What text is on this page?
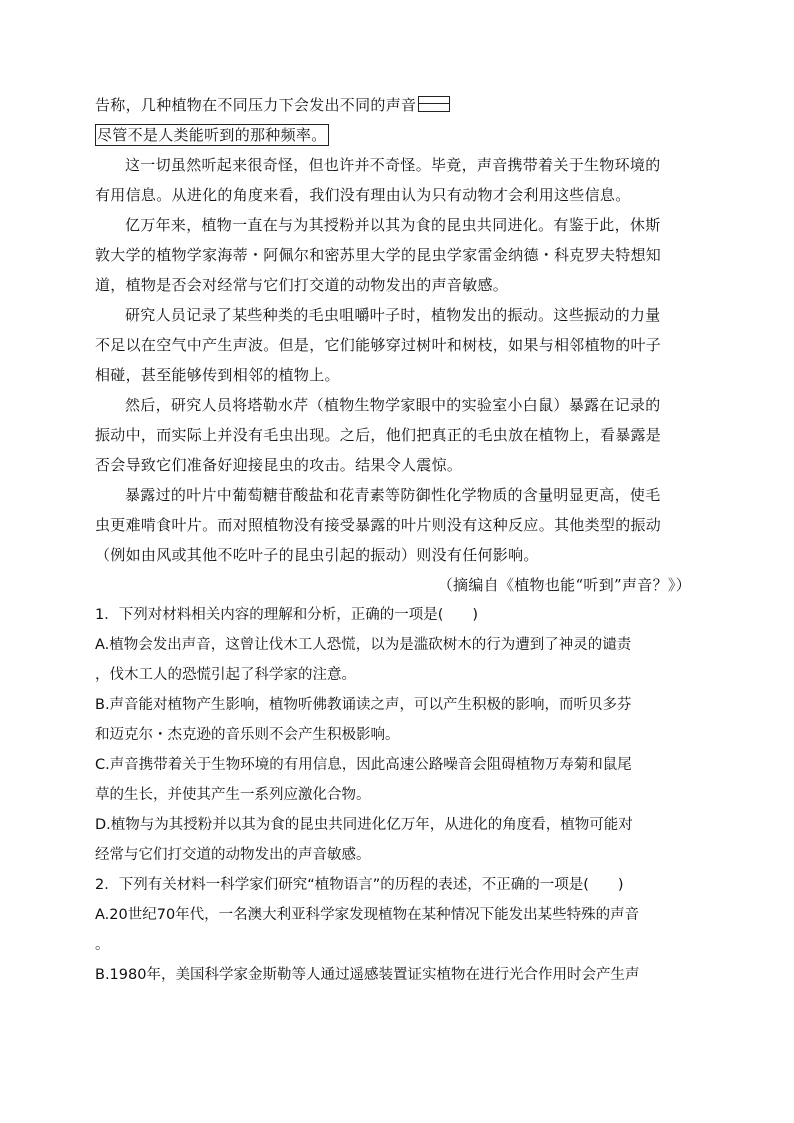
告称，几种植物在不同压力下会发出不同的声音
尽管不是人类能听到的那种频率。
这一切虽然听起来很奇怪，但也许并不奇怪。毕竟，声音携带着关于生物环境的
有用信息。从进化的角度来看，我们没有理由认为只有动物才会利用这些信息。
亿万年来，植物一直在与为其授粉并以其为食的昆虫共同进化。有鉴于此，休斯
敦大学的植物学家海蒂・阿佩尔和密苏里大学的昆虫学家雷金纳德・科克罗夫特想知
道，植物是否会对经常与它们打交道的动物发出的声音敏感。
研究人员记录了某些种类的毛虫咀嚼叶子时，植物发出的振动。这些振动的力量
不足以在空气中产生声波。但是，它们能够穿过树叶和树枝，如果与相邻植物的叶子
相碰，甚至能够传到相邻的植物上。
然后，研究人员将塔勒水芹（植物生物学家眼中的实验室小白鼠）暴露在记录的
振动中，而实际上并没有毛虫出现。之后，他们把真正的毛虫放在植物上，看暴露是
否会导致它们准备好迎接昆虫的攻击。结果令人震惊。
暴露过的叶片中葡萄糖苷酸盐和花青素等防御性化学物质的含量明显更高，使毛
虫更难啃食叶片。而对照植物没有接受暴露的叶片则没有这种反应。其他类型的振动
（例如由风或其他不吃叶子的昆虫引起的振动）则没有任何影响。
（摘编自《植物也能“听到”声音？》）
1．下列对材料相关内容的理解和分析，正确的一项是(　　)
A.植物会发出声音，这曾让伐木工人恐慌，以为是滥砍树木的行为遭到了神灵的谴责
，伐木工人的恐慌引起了科学家的注意。
B.声音能对植物产生影响，植物听佛教诵读之声，可以产生积极的影响，而听贝多芬
和迈克尔・杰克逊的音乐则不会产生积极影响。
C.声音携带着关于生物环境的有用信息，因此高速公路噪音会阻碍植物万寿菊和鼠尾
草的生长，并使其产生一系列应激化合物。
D.植物与为其授粉并以其为食的昆虫共同进化亿万年，从进化的角度看，植物可能对
经常与它们打交道的动物发出的声音敏感。
2．下列有关材料一科学家们研究“植物语言”的历程的表述，不正确的一项是(　　)
A.20世纪70年代，一名澳大利亚科学家发现植物在某种情况下能发出某些特殊的声音
。
B.1980年，美国科学家金斯勒等人通过遥感装置证实植物在进行光合作用时会产生声
